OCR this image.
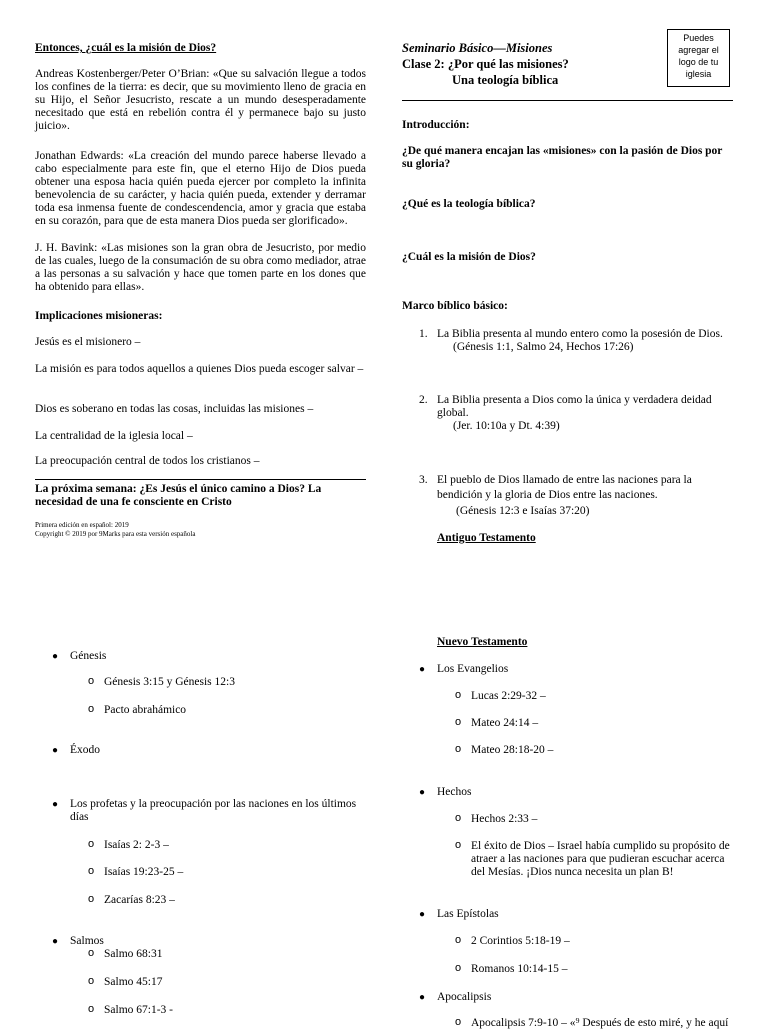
Puedes
agregar el
logo de tu
iglesia
Entonces, ¿cuál es la misión de Dios?

Andreas Kostenberger/Peter O’Brian: «Que su salvación llegue a todos los confines de la tierra: es decir, que su movimiento lleno de gracia en su Hijo, el Señor Jesucristo, rescate a un mundo desesperadamente necesitado que está en rebelión contra él y permanece bajo su justo juicio».

Jonathan Edwards: «La creación del mundo parece haberse llevado a cabo especialmente para este fin, que el eterno Hijo de Dios pueda obtener una esposa hacia quién pueda ejercer por completo la infinita benevolencia de su carácter, y hacia quién pueda, extender y derramar toda esa inmensa fuente de condescendencia, amor y gracia que estaba en su corazón, para que de esta manera Dios pueda ser glorificado».

J. H. Bavink: «Las misiones son la gran obra de Jesucristo, por medio de las cuales, luego de la consumación de su obra como mediador, atrae a las personas a su salvación y hace que tomen parte en los dones que ha obtenido para ellas».

Implicaciones misioneras:
Jesús es el misionero –
La misión es para todos aquellos a quienes Dios pueda escoger salvar –
Dios es soberano en todas las cosas, incluidas las misiones –
La centralidad de la iglesia local –
La preocupación central de todos los cristianos –

La próxima semana: ¿Es Jesús el único camino a Dios? La necesidad de una fe consciente en Cristo

Primera edición en español: 2019
Copyright © 2019 por 9Marks para esta versión española
Seminario Básico—Misiones
Clase 2: ¿Por qué las misiones?
Una teología bíblica
Introducción:

¿De qué manera encajan las «misiones» con la pasión de Dios por su gloria?

¿Qué es la teología bíblica?
¿Cuál es la misión de Dios?
Marco bíblico básico:
1. La Biblia presenta al mundo entero como la posesión de Dios.
(Génesis 1:1, Salmo 24, Hechos 17:26)
2. La Biblia presenta a Dios como la única y verdadera deidad
global.
(Jer. 10:10a y Dt. 4:39)
3. El pueblo de Dios llamado de entre las naciones para la
bendición y la gloria de Dios entre las naciones.
(Génesis 12:3 e Isaías 37:20)
Antiguo Testamento
● Génesis
o Génesis 3:15 y Génesis 12:3
o Pacto abrahámico
● Éxodo
● Los profetas y la preocupación por las naciones en los últimos días

o Isaías 2: 2-3 –
o Isaías 19:23-25 –
o Zacarías 8:23 –
● Salmos
o Salmo 68:31
o Salmo 45:17
o Salmo 67:1-3 -
Nuevo Testamento
● Los Evangelios
o Lucas 2:29-32 –
o Mateo 24:14 –
o Mateo 28:18-20 –
● Hechos
o Hechos 2:33 –
o El éxito de Dios – Israel había cumplido su propósito de atraer a las naciones para que pudieran escuchar acerca del Mesías. ¡Dios nunca necesita un plan B!

● Las Epístolas
o 2 Corintios 5:18-19 –
o Romanos 10:14-15 –
● Apocalipsis
o Apocalipsis 7:9-10 – «⁹ Después de esto miré, y he aquí
